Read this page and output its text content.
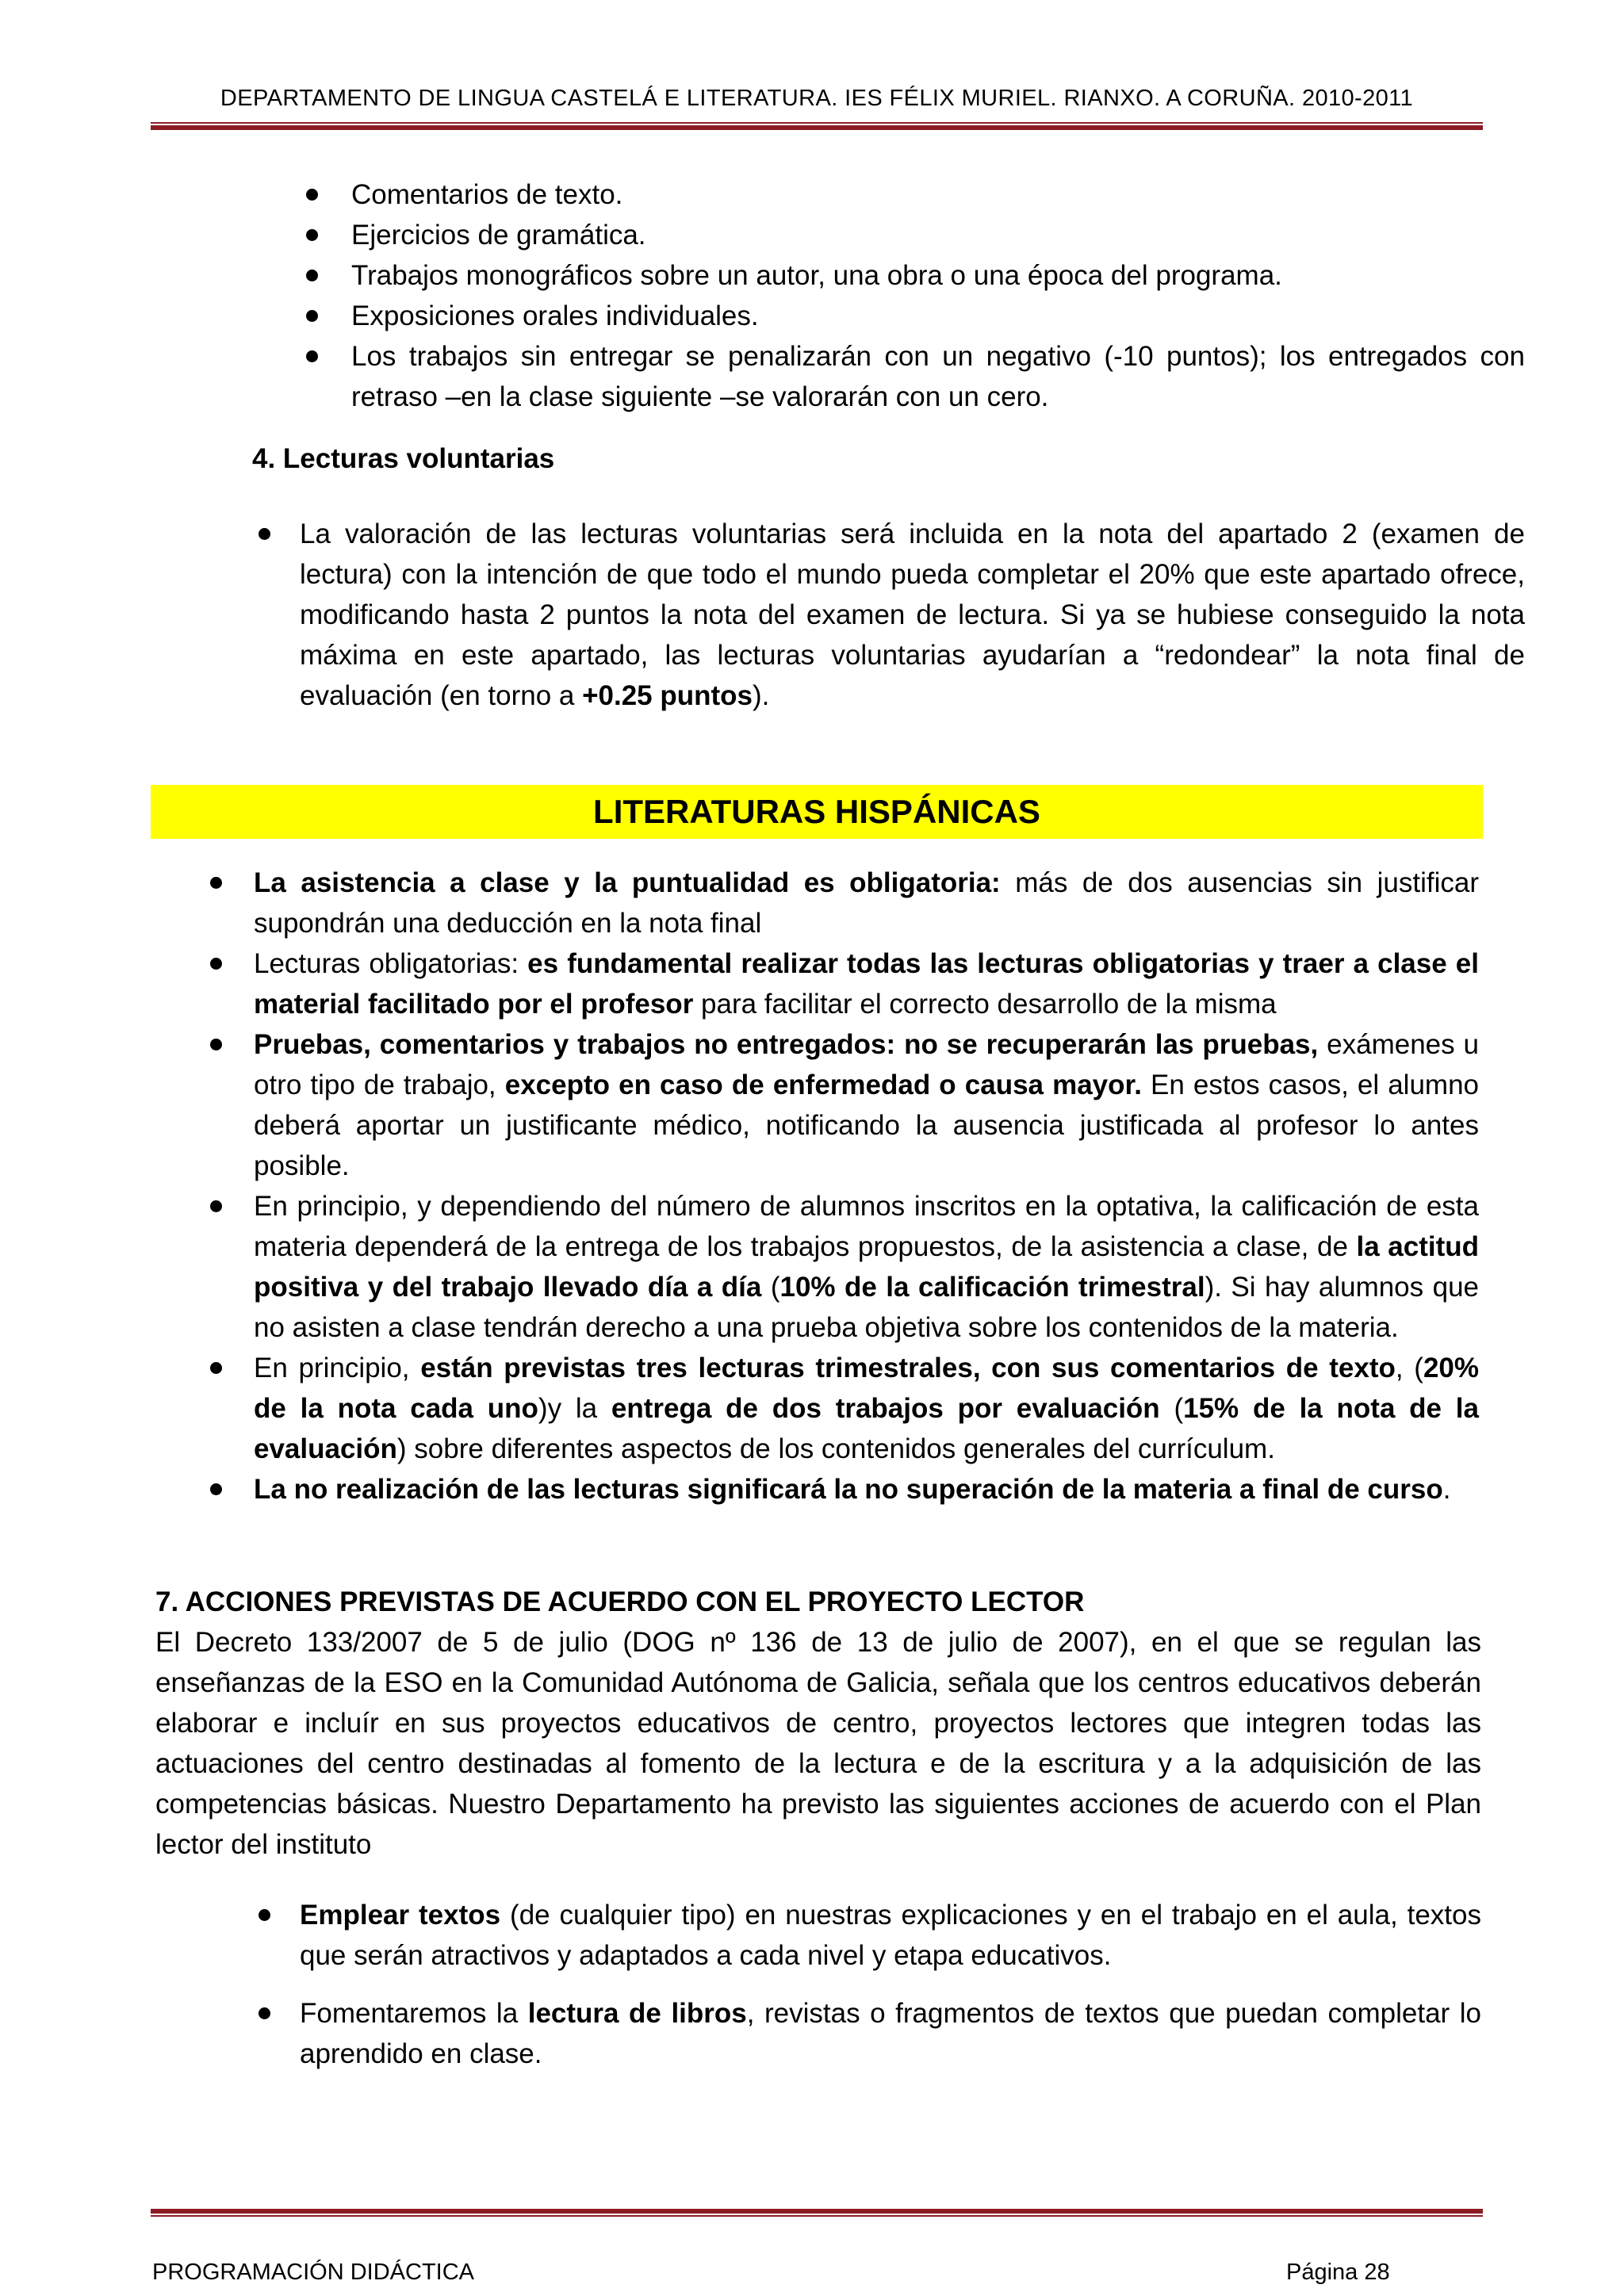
DEPARTAMENTO DE LINGUA CASTELÁ E LITERATURA. IES FÉLIX MURIEL. RIANXO. A CORUÑA. 2010-2011
Comentarios de texto.
Ejercicios de gramática.
Trabajos monográficos sobre un autor, una obra o una época del programa.
Exposiciones orales individuales.
Los trabajos sin entregar se penalizarán con un negativo (-10 puntos); los entregados con retraso –en la clase siguiente –se valorarán con un cero.
4. Lecturas voluntarias
La valoración de las lecturas voluntarias será incluida en la nota del apartado 2 (examen de lectura) con la intención de que todo el mundo pueda completar el 20% que este apartado ofrece, modificando hasta 2 puntos la nota del examen de lectura. Si ya se hubiese conseguido la nota máxima en este apartado, las lecturas voluntarias ayudarían a “redondear” la nota final de evaluación (en torno a +0.25 puntos).
LITERATURAS HISPÁNICAS
La asistencia a clase y la puntualidad es obligatoria: más de dos ausencias sin justificar supondrán una deducción en la nota final
Lecturas obligatorias: es fundamental realizar todas las lecturas obligatorias y traer a clase el material facilitado por el profesor para facilitar el correcto desarrollo de la misma
Pruebas, comentarios y trabajos no entregados: no se recuperarán las pruebas, exámenes u otro tipo de trabajo, excepto en caso de enfermedad o causa mayor. En estos casos, el alumno deberá aportar un justificante médico, notificando la ausencia justificada al profesor lo antes posible.
En principio, y dependiendo del número de alumnos inscritos en la optativa, la calificación de esta materia dependerá de la entrega de los trabajos propuestos, de la asistencia a clase, de la actitud positiva y del trabajo llevado día a día (10% de la calificación trimestral). Si hay alumnos que no asisten a clase tendrán derecho a una prueba objetiva sobre los contenidos de la materia.
En principio, están previstas tres lecturas trimestrales, con sus comentarios de texto, (20% de la nota cada uno)y la entrega de dos trabajos por evaluación (15% de la nota de la evaluación) sobre diferentes aspectos de los contenidos generales del currículum.
La no realización de las lecturas significará la no superación de la materia a final de curso.
7. ACCIONES PREVISTAS DE ACUERDO CON EL PROYECTO LECTOR
El Decreto 133/2007 de 5 de julio (DOG nº 136 de 13 de julio de 2007), en el que se regulan las enseñanzas de la ESO en la Comunidad Autónoma de Galicia, señala que los centros educativos deberán elaborar e incluír en sus proyectos educativos de centro, proyectos lectores que integren todas las actuaciones del centro destinadas al fomento de la lectura e de la escritura y a la adquisición de las competencias básicas. Nuestro Departamento ha previsto las siguientes acciones de acuerdo con el Plan lector del instituto
Emplear textos (de cualquier tipo) en nuestras explicaciones y en el trabajo en el aula, textos que serán atractivos y adaptados a cada nivel y etapa educativos.
Fomentaremos la lectura de libros, revistas o fragmentos de textos que puedan completar lo aprendido en clase.
PROGRAMACIÓN DIDÁCTICA	Página 28
